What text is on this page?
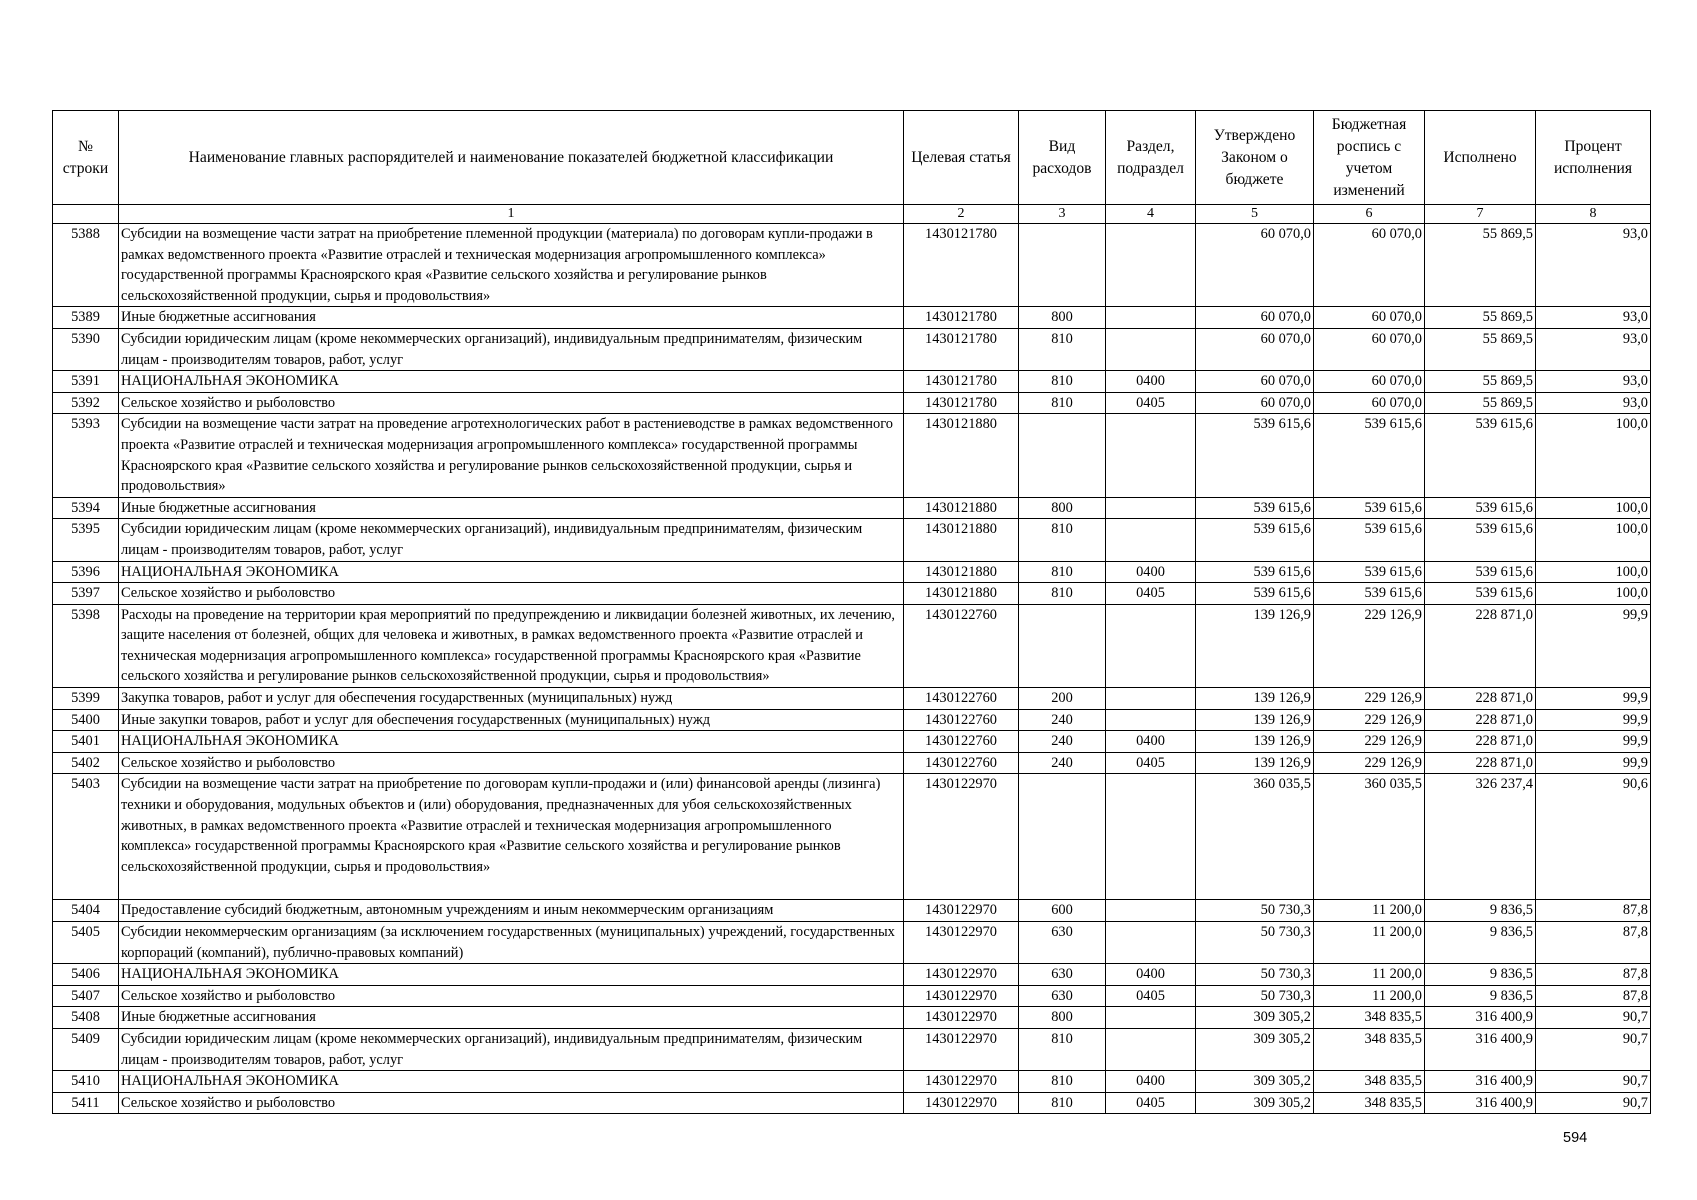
№ строки	Наименование главных распорядителей и наименование показателей бюджетной классификации	Целевая статья	Вид расходов	Раздел, подраздел	Утверждено Законом о бюджете	Бюджетная роспись с учетом изменений	Исполнено	Процент исполнения
	1	2	3	4	5	6	7	8
5388	Субсидии на возмещение части затрат на приобретение племенной продукции (материала) по договорам купли-продажи в рамках ведомственного проекта «Развитие отраслей и техническая модернизация агропромышленного комплекса» государственной программы Красноярского края «Развитие сельского хозяйства и регулирование рынков сельскохозяйственной продукции, сырья и продовольствия»	1430121780			60 070,0	60 070,0	55 869,5	93,0
5389	Иные бюджетные ассигнования	1430121780	800		60 070,0	60 070,0	55 869,5	93,0
5390	Субсидии юридическим лицам (кроме некоммерческих организаций), индивидуальным предпринимателям, физическим лицам - производителям товаров, работ, услуг	1430121780	810		60 070,0	60 070,0	55 869,5	93,0
5391	НАЦИОНАЛЬНАЯ ЭКОНОМИКА	1430121780	810	0400	60 070,0	60 070,0	55 869,5	93,0
5392	Сельское хозяйство и рыболовство	1430121780	810	0405	60 070,0	60 070,0	55 869,5	93,0
5393	Субсидии на возмещение части затрат на проведение агротехнологических работ в растениеводстве в рамках ведомственного проекта «Развитие отраслей и техническая модернизация агропромышленного комплекса» государственной программы Красноярского края «Развитие сельского хозяйства и регулирование рынков сельскохозяйственной продукции, сырья и продовольствия»	1430121880			539 615,6	539 615,6	539 615,6	100,0
5394	Иные бюджетные ассигнования	1430121880	800		539 615,6	539 615,6	539 615,6	100,0
5395	Субсидии юридическим лицам (кроме некоммерческих организаций), индивидуальным предпринимателям, физическим лицам - производителям товаров, работ, услуг	1430121880	810		539 615,6	539 615,6	539 615,6	100,0
5396	НАЦИОНАЛЬНАЯ ЭКОНОМИКА	1430121880	810	0400	539 615,6	539 615,6	539 615,6	100,0
5397	Сельское хозяйство и рыболовство	1430121880	810	0405	539 615,6	539 615,6	539 615,6	100,0
5398	Расходы на проведение на территории края мероприятий по предупреждению и ликвидации болезней животных, их лечению, защите населения от болезней, общих для человека и животных, в рамках ведомственного проекта «Развитие отраслей и техническая модернизация агропромышленного комплекса» государственной программы Красноярского края «Развитие сельского хозяйства и регулирование рынков сельскохозяйственной продукции, сырья и продовольствия»	1430122760			139 126,9	229 126,9	228 871,0	99,9
5399	Закупка товаров, работ и услуг для обеспечения государственных (муниципальных) нужд	1430122760	200		139 126,9	229 126,9	228 871,0	99,9
5400	Иные закупки товаров, работ и услуг для обеспечения государственных (муниципальных) нужд	1430122760	240		139 126,9	229 126,9	228 871,0	99,9
5401	НАЦИОНАЛЬНАЯ ЭКОНОМИКА	1430122760	240	0400	139 126,9	229 126,9	228 871,0	99,9
5402	Сельское хозяйство и рыболовство	1430122760	240	0405	139 126,9	229 126,9	228 871,0	99,9
5403	Субсидии на возмещение части затрат на приобретение по договорам купли-продажи и (или) финансовой аренды (лизинга) техники и оборудования, модульных объектов и (или) оборудования, предназначенных для убоя сельскохозяйственных животных, в рамках ведомственного проекта «Развитие отраслей и техническая модернизация агропромышленного комплекса» государственной программы Красноярского края «Развитие сельского хозяйства и регулирование рынков сельскохозяйственной продукции, сырья и продовольствия»	1430122970			360 035,5	360 035,5	326 237,4	90,6
5404	Предоставление субсидий бюджетным, автономным учреждениям и иным некоммерческим организациям	1430122970	600		50 730,3	11 200,0	9 836,5	87,8
5405	Субсидии некоммерческим организациям (за исключением государственных (муниципальных) учреждений, государственных корпораций (компаний), публично-правовых компаний)	1430122970	630		50 730,3	11 200,0	9 836,5	87,8
5406	НАЦИОНАЛЬНАЯ ЭКОНОМИКА	1430122970	630	0400	50 730,3	11 200,0	9 836,5	87,8
5407	Сельское хозяйство и рыболовство	1430122970	630	0405	50 730,3	11 200,0	9 836,5	87,8
5408	Иные бюджетные ассигнования	1430122970	800		309 305,2	348 835,5	316 400,9	90,7
5409	Субсидии юридическим лицам (кроме некоммерческих организаций), индивидуальным предпринимателям, физическим лицам - производителям товаров, работ, услуг	1430122970	810		309 305,2	348 835,5	316 400,9	90,7
5410	НАЦИОНАЛЬНАЯ ЭКОНОМИКА	1430122970	810	0400	309 305,2	348 835,5	316 400,9	90,7
5411	Сельское хозяйство и рыболовство	1430122970	810	0405	309 305,2	348 835,5	316 400,9	90,7
594
